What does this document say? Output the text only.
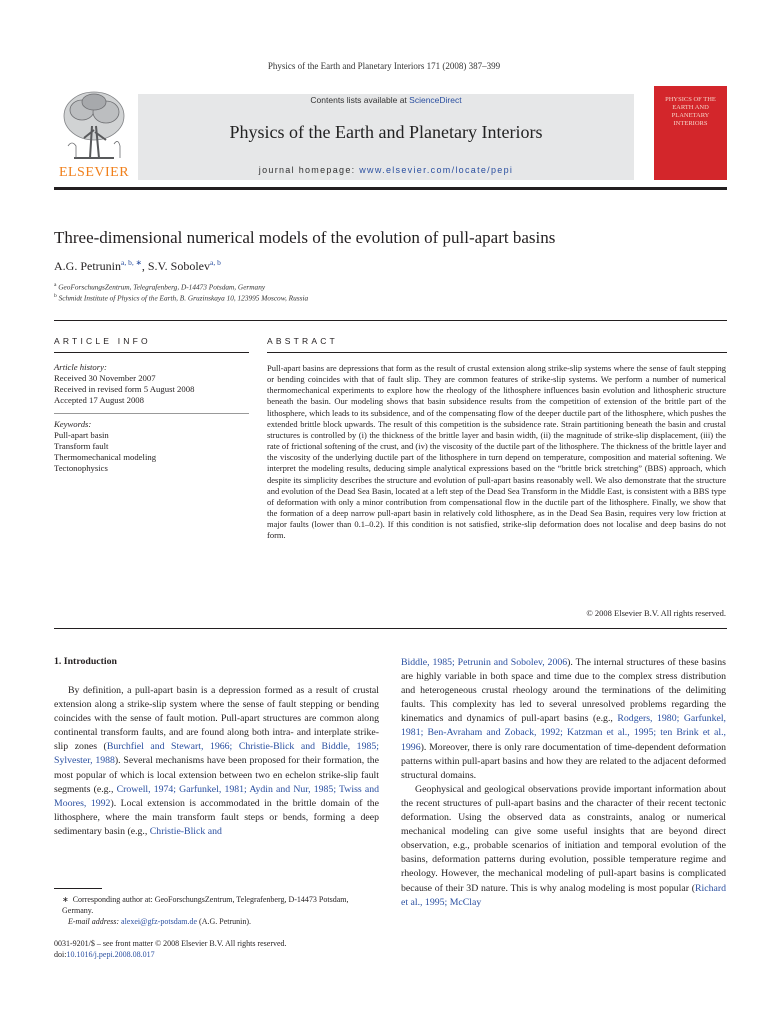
Physics of the Earth and Planetary Interiors 171 (2008) 387–399
ELSEVIER
Contents lists available at ScienceDirect
Physics of the Earth and Planetary Interiors
journal homepage: www.elsevier.com/locate/pepi
PHYSICS OF THE EARTH AND PLANETARY INTERIORS
Three-dimensional numerical models of the evolution of pull-apart basins
A.G. Petrunin$^{a, b, ∗}$, S.V. Sobolev$^{a, b}$
$^a$ GeoForschungsZentrum, Telegrafenberg, D-14473 Potsdam, Germany
$^b$ Schmidt Institute of Physics of the Earth, B. Gruzinskaya 10, 123995 Moscow, Russia
ARTICLE INFO
Article history:
Received 30 November 2007
Received in revised form 5 August 2008
Accepted 17 August 2008
Keywords:
Pull-apart basin
Transform fault
Thermomechanical modeling
Tectonophysics
ABSTRACT
Pull-apart basins are depressions that form as the result of crustal extension along strike-slip systems where the sense of fault stepping or bending coincides with that of fault slip. They are common features of strike-slip systems. We perform a number of numerical thermomechanical experiments to explore how the rheology of the lithosphere influences basin evolution and lithospheric structure beneath the basin. Our modeling shows that basin subsidence results from the competition of extension of the brittle part of the lithosphere, which leads to its subsidence, and of the compensating flow of the deeper ductile part of the lithosphere, which pushes the extended brittle block upwards. The result of this competition is the subsidence rate. Strain partitioning beneath the basin and crustal structures is controlled by (i) the thickness of the brittle layer and basin width, (ii) the magnitude of strike-slip displacement, (iii) the rate of frictional softening of the crust, and (iv) the viscosity of the ductile part of the lithosphere. The thickness of the brittle layer and the viscosity of the underlying ductile part of the lithosphere in turn depend on temperature, composition and material softening. We interpret the modeling results, deducing simple analytical expressions based on the “brittle brick stretching” (BBS) approach, which despite its simplicity describes the structure and evolution of pull-apart basins reasonably well. We also demonstrate that the structure and evolution of the Dead Sea Basin, located at a left step of the Dead Sea Transform in the Middle East, is consistent with a BBS type of deformation with only a minor contribution from compensational flow in the ductile part of the lithosphere. Finally, we show that the formation of a deep narrow pull-apart basin in relatively cold lithosphere, as in the Dead Sea Basin, requires very low friction at major faults (lower than 0.1–0.2). If this condition is not satisfied, strike-slip deformation does not localise and deep basins do not form.
© 2008 Elsevier B.V. All rights reserved.
1. Introduction

By definition, a pull-apart basin is a depression formed as a result of crustal extension along a strike-slip system where the sense of fault stepping or bending coincides with the sense of fault motion. Pull-apart structures are common along continental transform faults, and are found along both intra- and interplate strike-slip zones (Burchfiel and Stewart, 1966; Christie-Blick and Biddle, 1985; Sylvester, 1988). Several mechanisms have been proposed for their formation, the most popular of which is local extension between two en echelon strike-slip fault segments (e.g., Crowell, 1974; Garfunkel, 1981; Aydin and Nur, 1985; Twiss and Moores, 1992). Local extension is accommodated in the brittle domain of the lithosphere, where the main transform fault steps or bends, forming a deep sedimentary basin (e.g., Christie-Blick and

Biddle, 1985; Petrunin and Sobolev, 2006). The internal structures of these basins are highly variable in both space and time due to the complex stress distribution and heterogeneous crustal rheology around the terminations of the delimiting faults. This complexity has led to several unresolved problems regarding the kinematics and dynamics of pull-apart basins (e.g., Rodgers, 1980; Garfunkel, 1981; Ben-Avraham and Zoback, 1992; Katzman et al., 1995; ten Brink et al., 1996). Moreover, there is only rare documentation of time-dependent deformation patterns within pull-apart basins and how they are related to the adjacent deformed structural domains.

Geophysical and geological observations provide important information about the recent structures of pull-apart basins and the character of their recent tectonic deformation. Using the observed data as constraints, analog or numerical mechanical modeling can give some useful insights that are beyond direct observation, e.g., probable scenarios of initiation and temporal evolution of the basins, deformation patterns during evolution, possible temperature regime and rheology. However, the mechanical modeling of pull-apart basins is complicated because of their 3D nature. This is why analog modeling is most popular (Richard et al., 1995; McClay

∗ Corresponding author at: GeoForschungsZentrum, Telegrafenberg, D-14473 Potsdam, Germany.
E-mail address: alexei@gfz-potsdam.de (A.G. Petrunin).
0031-9201/$ – see front matter © 2008 Elsevier B.V. All rights reserved.
doi:10.1016/j.pepi.2008.08.017
